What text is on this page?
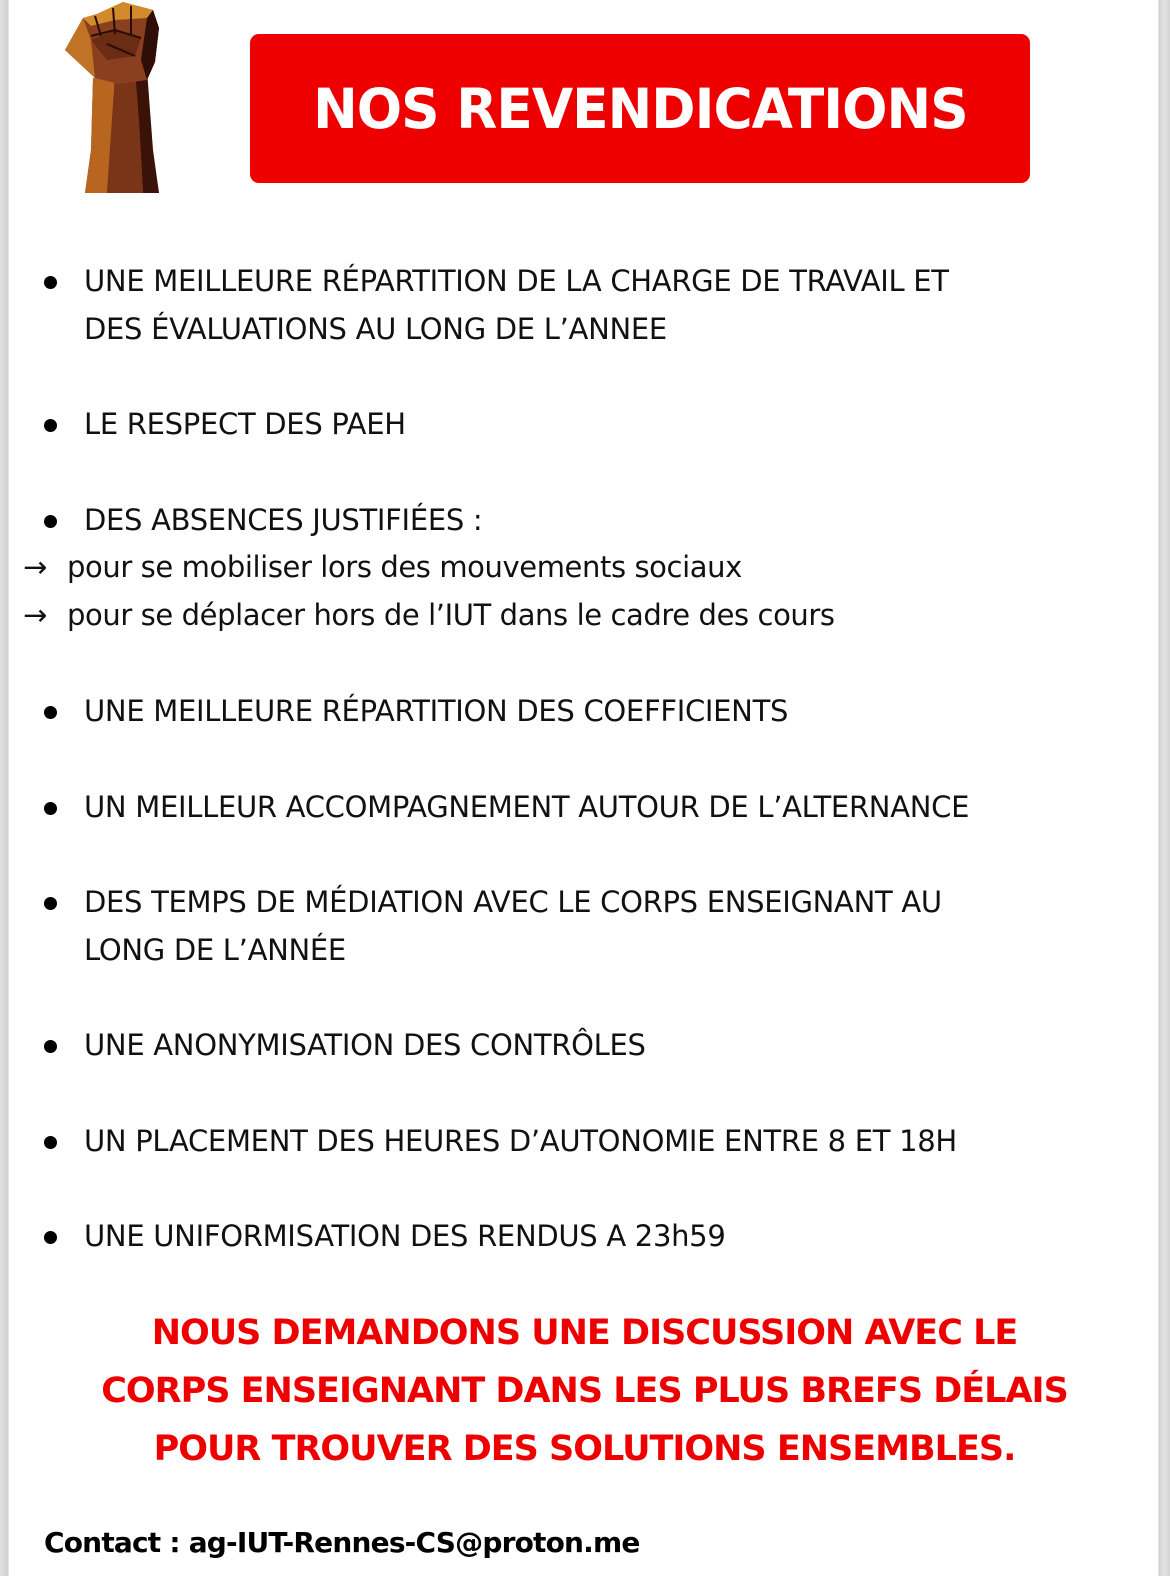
NOS REVENDICATIONS
UNE MEILLEURE RÉPARTITION DE LA CHARGE DE TRAVAIL ET
DES ÉVALUATIONS AU LONG DE L’ANNEE
LE RESPECT DES PAEH
DES ABSENCES JUSTIFIÉES :
→ pour se mobiliser lors des mouvements sociaux
→ pour se déplacer hors de l’IUT dans le cadre des cours
UNE MEILLEURE RÉPARTITION DES COEFFICIENTS
UN MEILLEUR ACCOMPAGNEMENT AUTOUR DE L’ALTERNANCE
DES TEMPS DE MÉDIATION AVEC LE CORPS ENSEIGNANT AU
LONG DE L’ANNÉE
UNE ANONYMISATION DES CONTRÔLES
UN PLACEMENT DES HEURES D’AUTONOMIE ENTRE 8 ET 18H
UNE UNIFORMISATION DES RENDUS A 23h59
NOUS DEMANDONS UNE DISCUSSION AVEC LE
CORPS ENSEIGNANT DANS LES PLUS BREFS DÉLAIS
POUR TROUVER DES SOLUTIONS ENSEMBLES.
Contact : ag-IUT-Rennes-CS@proton.me
